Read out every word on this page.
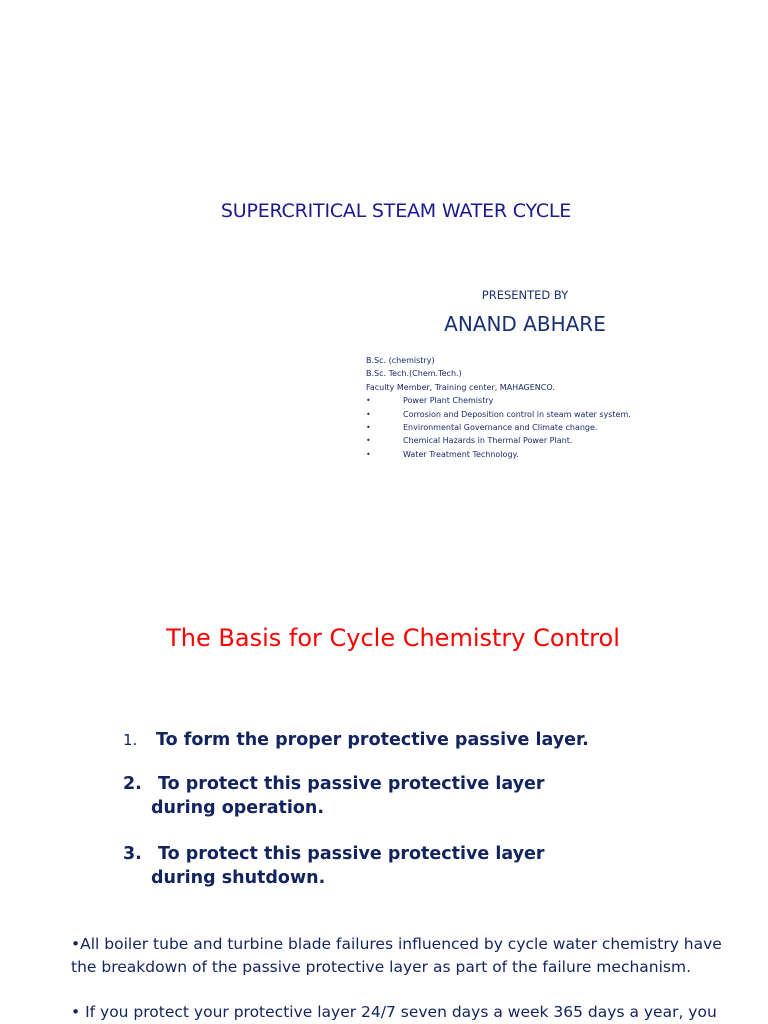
SUPERCRITICAL STEAM WATER CYCLE
PRESENTED BY
ANAND ABHARE
B.Sc. (chemistry)
B.Sc. Tech.(Chem.Tech.)
Faculty Member, Training center, MAHAGENCO.
•	Power Plant Chemistry
•	Corrosion and Deposition control in steam water system.
•	Environmental Governance and Climate change.
•	Chemical Hazards in Thermal Power Plant.
•	Water Treatment Technology.
The Basis for Cycle Chemistry Control
1. To form the proper protective passive layer.
2. To protect this passive protective layer
during operation.
3. To protect this passive protective layer
during shutdown.
•All boiler tube and turbine blade failures influenced by cycle water chemistry have the breakdown of the passive protective layer as part of the failure mechanism.
• If you protect your protective layer 24/7 seven days a week 365 days a year, you
